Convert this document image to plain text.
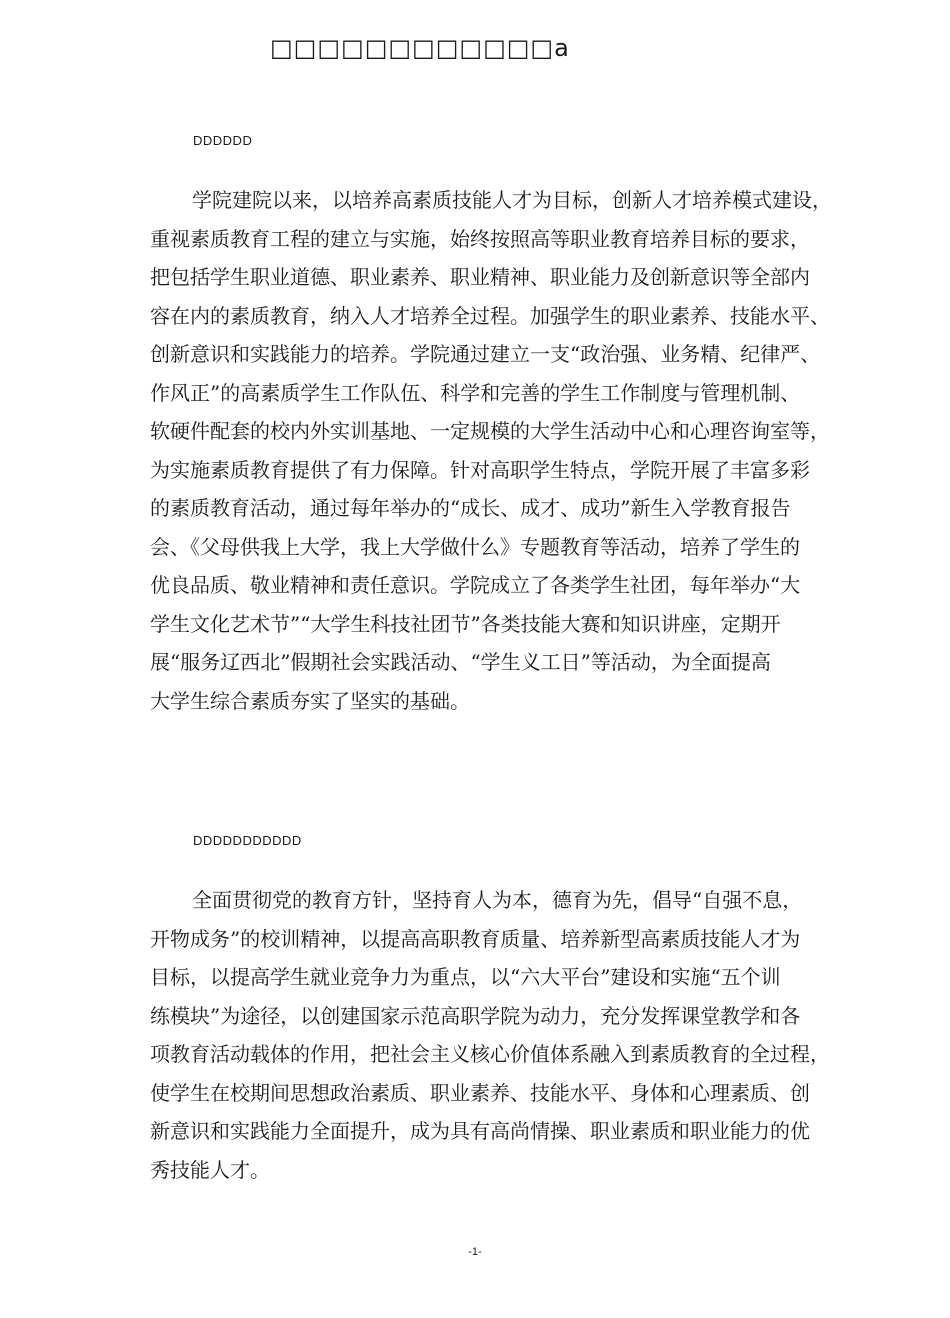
□□□□□□□□□□□□a
DDDDDD

学院建院以来，以培养高素质技能人才为目标，创新人才培养模式建设，
重视素质教育工程的建立与实施，始终按照高等职业教育培养目标的要求，
把包括学生职业道德、职业素养、职业精神、职业能力及创新意识等全部内
容在内的素质教育，纳入人才培养全过程。加强学生的职业素养、技能水平、
创新意识和实践能力的培养。学院通过建立一支“政治强、业务精、纪律严、
作风正”的高素质学生工作队伍、科学和完善的学生工作制度与管理机制、
软硬件配套的校内外实训基地、一定规模的大学生活动中心和心理咨询室等，
为实施素质教育提供了有力保障。针对高职学生特点，学院开展了丰富多彩
的素质教育活动，通过每年举办的“成长、成才、成功”新生入学教育报告
会、《父母供我上大学，我上大学做什么》专题教育等活动，培养了学生的
优良品质、敬业精神和责任意识。学院成立了各类学生社团，每年举办“大
学生文化艺术节”“大学生科技社团节”各类技能大赛和知识讲座，定期开
展“服务辽西北”假期社会实践活动、“学生义工日”等活动，为全面提高
大学生综合素质夯实了坚实的基础。

DDDDDDDDDDD

全面贯彻党的教育方针，坚持育人为本，德育为先，倡导“自强不息，
开物成务”的校训精神，以提高高职教育质量、培养新型高素质技能人才为
目标，以提高学生就业竞争力为重点，以“六大平台”建设和实施“五个训
练模块”为途径，以创建国家示范高职学院为动力，充分发挥课堂教学和各
项教育活动载体的作用，把社会主义核心价值体系融入到素质教育的全过程，
使学生在校期间思想政治素质、职业素养、技能水平、身体和心理素质、创
新意识和实践能力全面提升，成为具有高尚情操、职业素质和职业能力的优
秀技能人才。

-1-
